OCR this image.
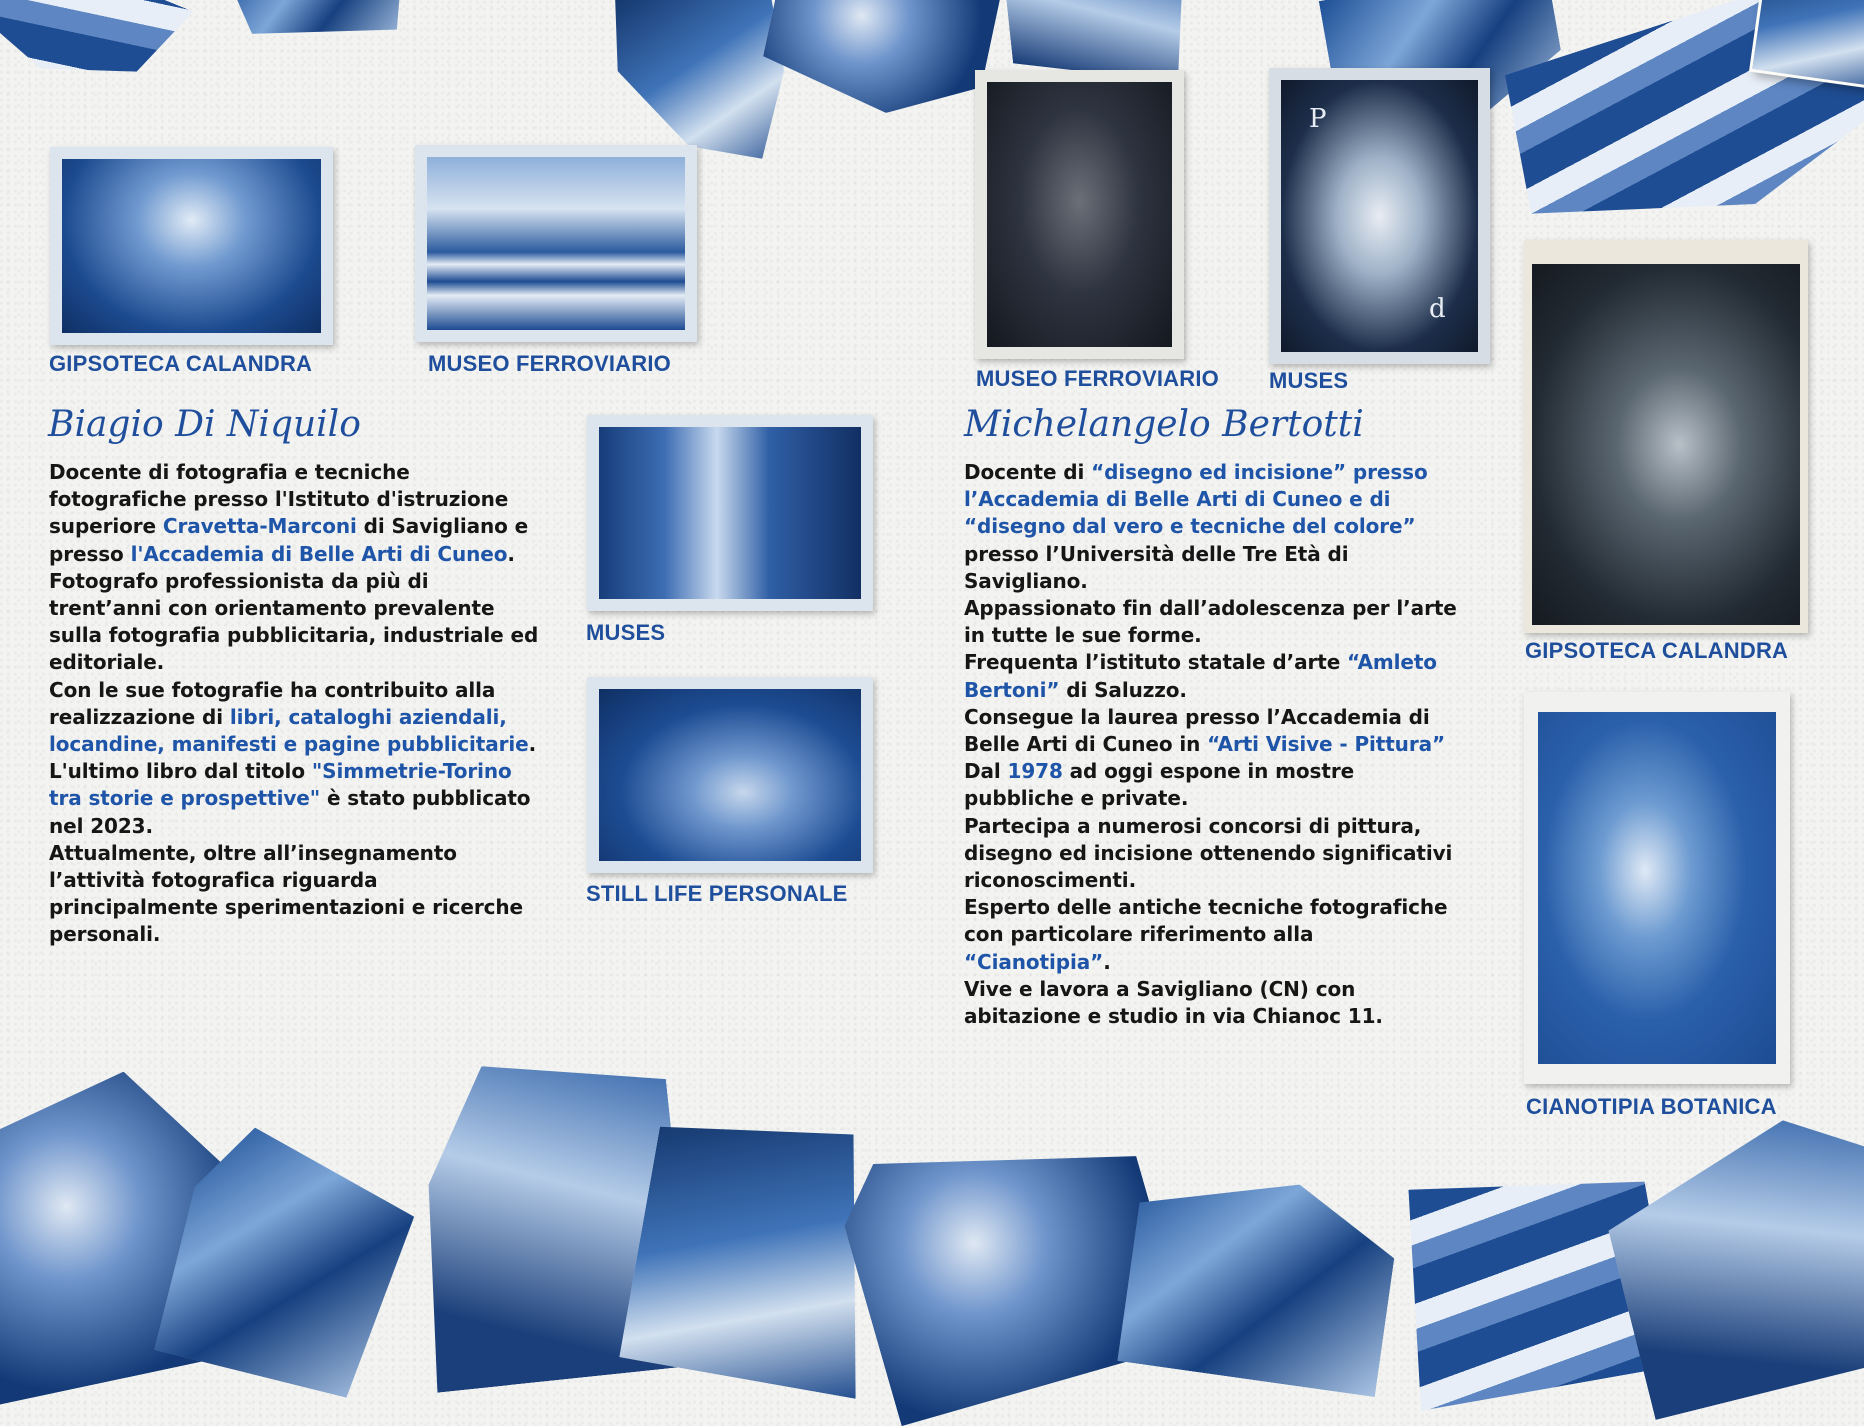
GIPSOTECA CALANDRA	MUSEO FERROVIARIO
Biagio Di Niquilo
Docente di fotografia e tecniche fotografiche presso l'Istituto d'istruzione superiore Cravetta-Marconi di Savigliano e presso l'Accademia di Belle Arti di Cuneo.
Fotografo professionista da più di trent’anni con orientamento prevalente sulla fotografia pubblicitaria, industriale ed editoriale.
Con le sue fotografie ha contribuito alla realizzazione di libri, cataloghi aziendali, locandine, manifesti e pagine pubblicitarie.
L'ultimo libro dal titolo "Simmetrie-Torino tra storie e prospettive" è stato pubblicato nel 2023.
Attualmente, oltre all’insegnamento l’attività fotografica riguarda principalmente sperimentazioni e ricerche personali.
MUSES
STILL LIFE PERSONALE
MUSEO FERROVIARIO
P
d
MUSES
Michelangelo Bertotti
Docente di “disegno ed incisione” presso l’Accademia di Belle Arti di Cuneo e di “disegno dal vero e tecniche del colore” presso l’Università delle Tre Età di Savigliano.
Appassionato fin dall’adolescenza per l’arte in tutte le sue forme.
Frequenta l’istituto statale d’arte “Amleto Bertoni” di Saluzzo.
Consegue la laurea presso l’Accademia di Belle Arti di Cuneo in “Arti Visive - Pittura”
Dal 1978 ad oggi espone in mostre pubbliche e private.
Partecipa a numerosi concorsi di pittura, disegno ed incisione ottenendo significativi riconoscimenti.
Esperto delle antiche tecniche fotografiche con particolare riferimento alla “Cianotipia”.
Vive e lavora a Savigliano (CN) con abitazione e studio in via Chianoc 11.
GIPSOTECA CALANDRA
CIANOTIPIA BOTANICA
